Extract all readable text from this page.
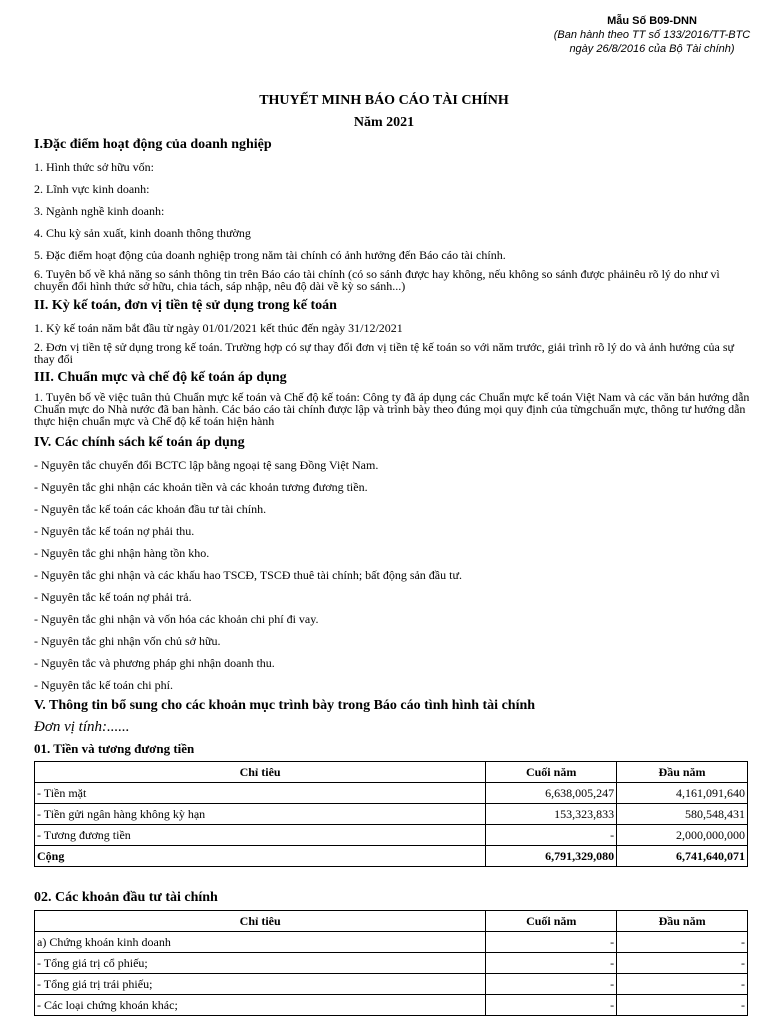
Mẫu Số B09-DNN
(Ban hành theo TT số 133/2016/TT-BTC ngày 26/8/2016 của Bộ Tài chính)
THUYẾT MINH BÁO CÁO TÀI CHÍNH
Năm 2021
I.Đặc điểm hoạt động của doanh nghiệp
1. Hình thức sở hữu vốn:
2. Lĩnh vực kinh doanh:
3. Ngành nghề kinh doanh:
4. Chu kỳ sản xuất, kinh doanh thông thường
5. Đặc điểm hoạt động của doanh nghiệp trong năm tài chính có ảnh hưởng đến Báo cáo tài chính.
6. Tuyên bố về khả năng so sánh thông tin trên Báo cáo tài chính (có so sánh được hay không, nếu không so sánh được phảinêu rõ lý do như vì chuyển đổi hình thức sở hữu, chia tách, sáp nhập, nêu độ dài về kỳ so sánh...)
II. Kỳ kế toán, đơn vị tiền tệ sử dụng trong kế toán
1. Kỳ kế toán năm bắt đầu từ ngày 01/01/2021 kết thúc đến ngày 31/12/2021
2. Đơn vị tiền tệ sử dụng trong kế toán. Trường hợp có sự thay đổi đơn vị tiền tệ kế toán so với năm trước, giải trình rõ lý do và ảnh hưởng của sự thay đổi
III. Chuẩn mực và chế độ kế toán áp dụng
1. Tuyên bố về việc tuân thủ Chuẩn mực kế toán và Chế độ kế toán: Công ty đã áp dụng các Chuẩn mực kế toán Việt Nam và các văn bản hướng dẫn Chuẩn mực do Nhà nước đã ban hành. Các báo cáo tài chính được lập và trình bày theo đúng mọi quy định của từngchuẩn mực, thông tư hướng dẫn thực hiện chuẩn mực và Chế độ kế toán hiện hành
IV. Các chính sách kế toán áp dụng
- Nguyên tắc chuyển đổi BCTC lập bằng ngoại tệ sang Đồng Việt Nam.
- Nguyên tắc ghi nhận các khoản tiền và các khoản tương đương tiền.
- Nguyên tắc kế toán các khoản đầu tư tài chính.
- Nguyên tắc kế toán nợ phải thu.
- Nguyên tắc ghi nhận hàng tồn kho.
- Nguyên tắc ghi nhận và các khấu hao TSCĐ, TSCĐ thuê tài chính; bất động sản đầu tư.
- Nguyên tắc kế toán nợ phải trả.
- Nguyên tắc ghi nhận và vốn hóa các khoản chi phí đi vay.
- Nguyên tắc ghi nhận vốn chủ sở hữu.
- Nguyên tắc và phương pháp ghi nhận doanh thu.
- Nguyên tắc kế toán chi phí.
V. Thông tin bổ sung cho các khoản mục trình bày trong Báo cáo tình hình tài chính
Đơn vị tính:......
01. Tiền và tương đương tiền
Chỉ tiêu	Cuối năm	Đầu năm
- Tiền mặt	6,638,005,247	4,161,091,640
- Tiền gửi ngân hàng không kỳ hạn	153,323,833	580,548,431
- Tương đương tiền	-	2,000,000,000
Cộng	6,791,329,080	6,741,640,071
02. Các khoản đầu tư tài chính
Chỉ tiêu	Cuối năm	Đầu năm
a) Chứng khoán kinh doanh	-	-
- Tổng giá trị cổ phiếu;	-	-
- Tổng giá trị trái phiếu;	-	-
- Các loại chứng khoán khác;	-	-
